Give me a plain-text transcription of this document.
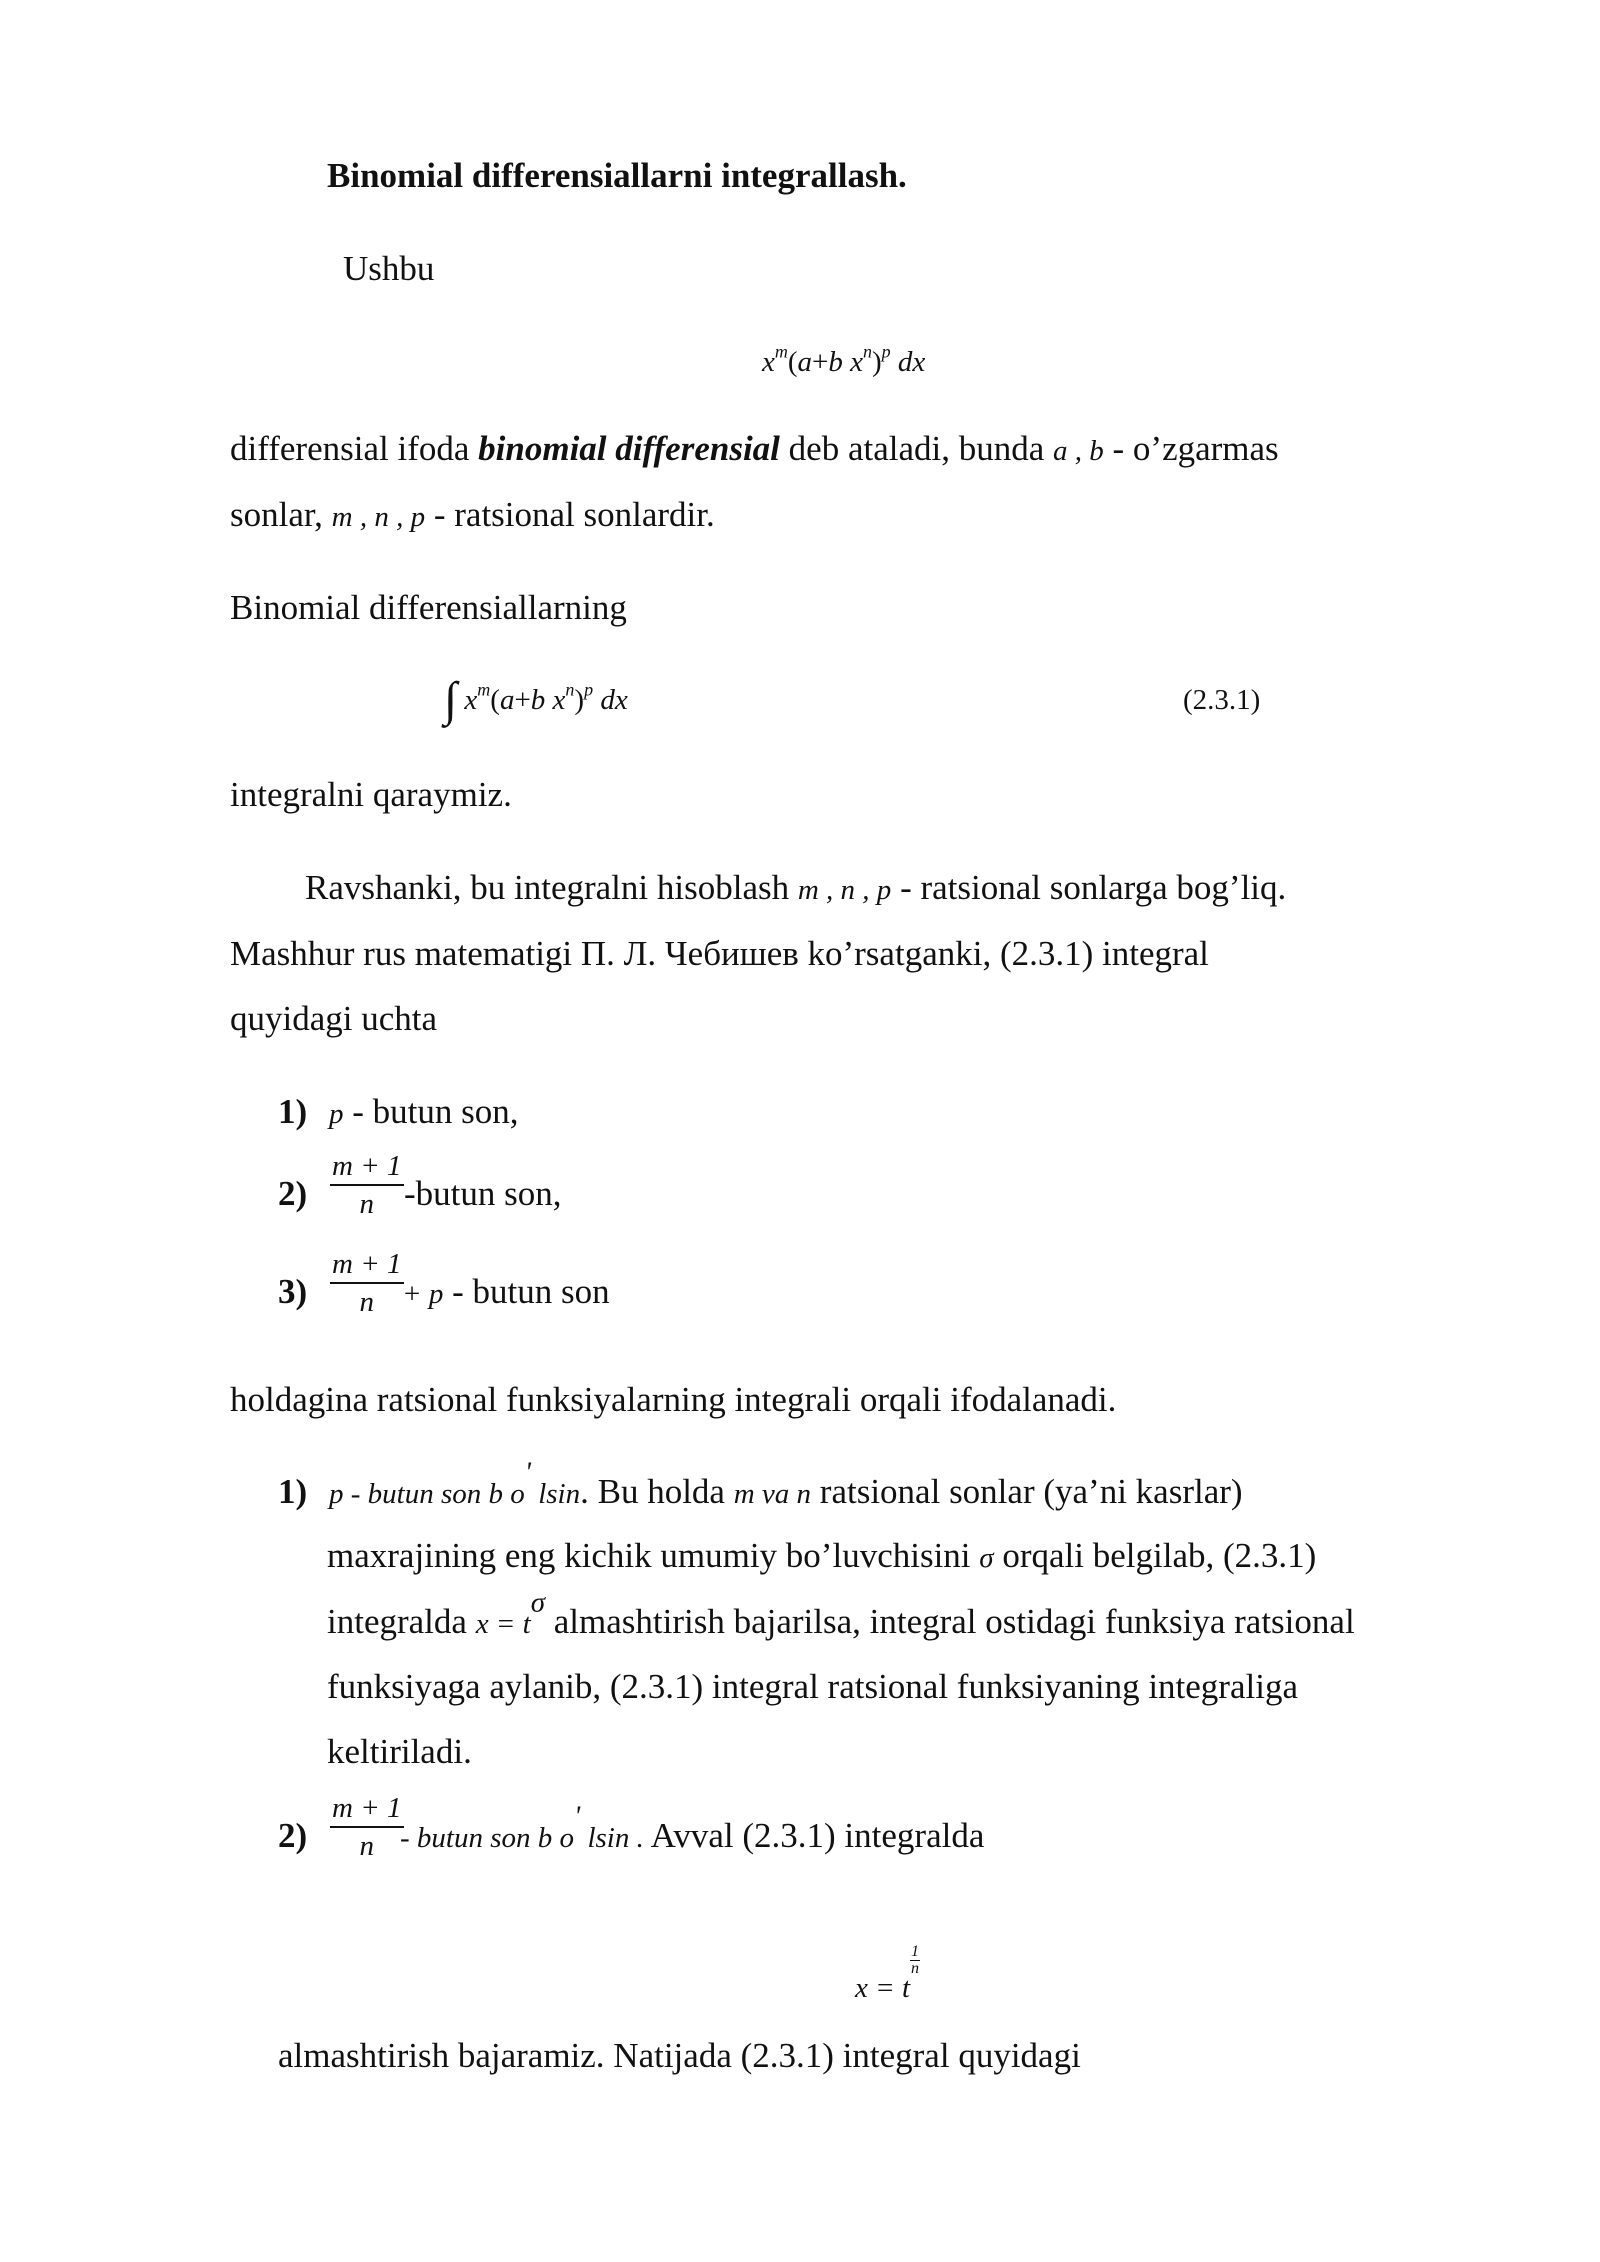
Binomial differensiallarni integrallash.
Ushbu
$x^m(a+b$ $x^n)^p$ dx
differensial ifoda binomial differensial deb ataladi, bunda a , b - o’zgarmas
sonlar, m , n , p - ratsional sonlardir.
Binomial differensiallarning
∫ $x^m(a+b$ $x^n)^p$ dx	(2.3.1)
integralni qaraymiz.
Ravshanki, bu integralni hisoblash m , n , p - ratsional sonlarga bog’liq.
Mashhur rus matematigi П. Л. Чебишев ko’rsatganki, (2.3.1) integral
quyidagi uchta
1) p - butun son,
$2) \frac{m + 1}{n}$ -butun son,
$3) \frac{m + 1}{n}$
+ p - butun son
holdagina ratsional funksiyalarning integrali orqali ifodalanadi.
1) p - butun son b o' lsin. Bu holda m va n ratsional sonlar (ya’ni kasrlar)
maxrajining eng kichik umumiy bo’luvchisini σ orqali belgilab, (2.3.1)
integralda $x = t^\sigma$ almashtirish bajarilsa, integral ostidagi funksiya ratsional
funksiyaga aylanib, (2.3.1) integral ratsional funksiyaning integraliga
keltiriladi.
$2) \frac{m + 1}{n}$
- butun son b o' lsin . Avval (2.3.1) integralda
x = t
$\frac{1}{n}$
almashtirish bajaramiz. Natijada (2.3.1) integral quyidagi
